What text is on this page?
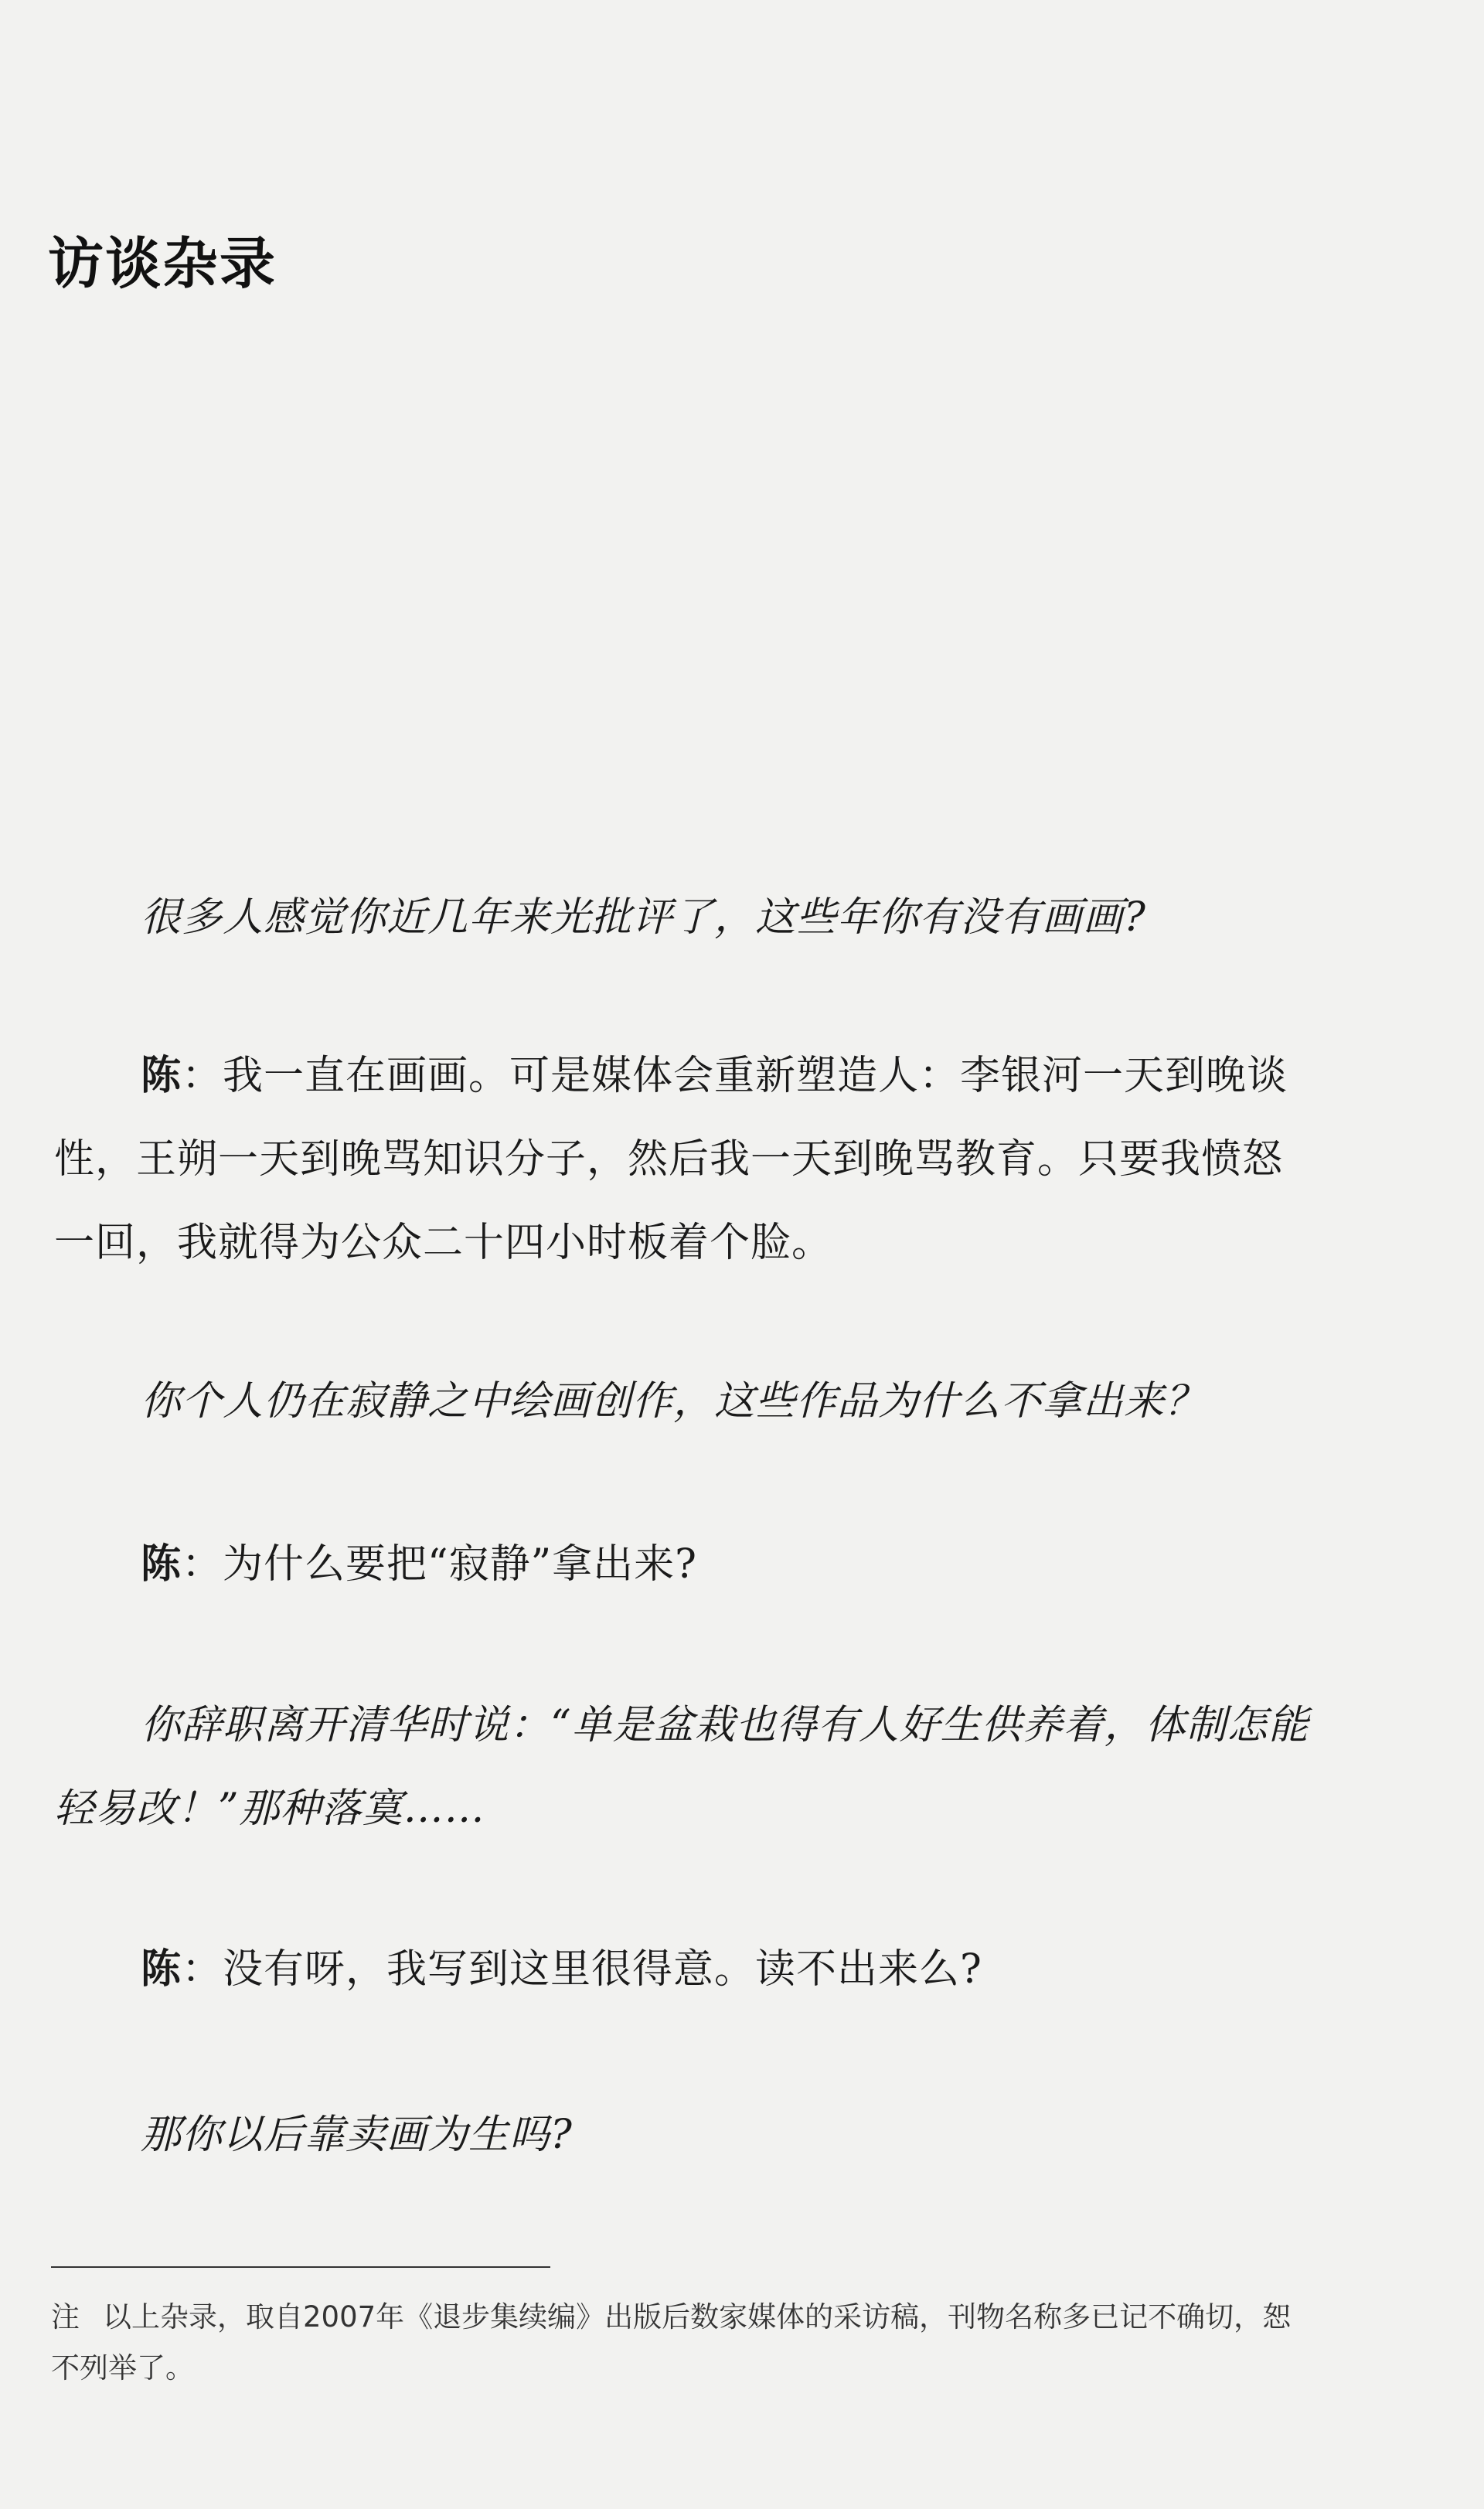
访谈杂录

很多人感觉你近几年来光批评了，这些年你有没有画画?

陈：我一直在画画。可是媒体会重新塑造人：李银河一天到晚谈性，王朔一天到晚骂知识分子，然后我一天到晚骂教育。只要我愤怒一回，我就得为公众二十四小时板着个脸。

你个人仍在寂静之中绘画创作，这些作品为什么不拿出来？

陈：为什么要把“寂静”拿出来?

你辞职离开清华时说：“单是盆栽也得有人好生供养着，体制怎能轻易改！”那种落寞……

陈：没有呀，我写到这里很得意。读不出来么?

那你以后靠卖画为生吗?

注 以上杂录，取自2007年《退步集续编》出版后数家媒体的采访稿，刊物名称多已记不确切，恕不列举了。
